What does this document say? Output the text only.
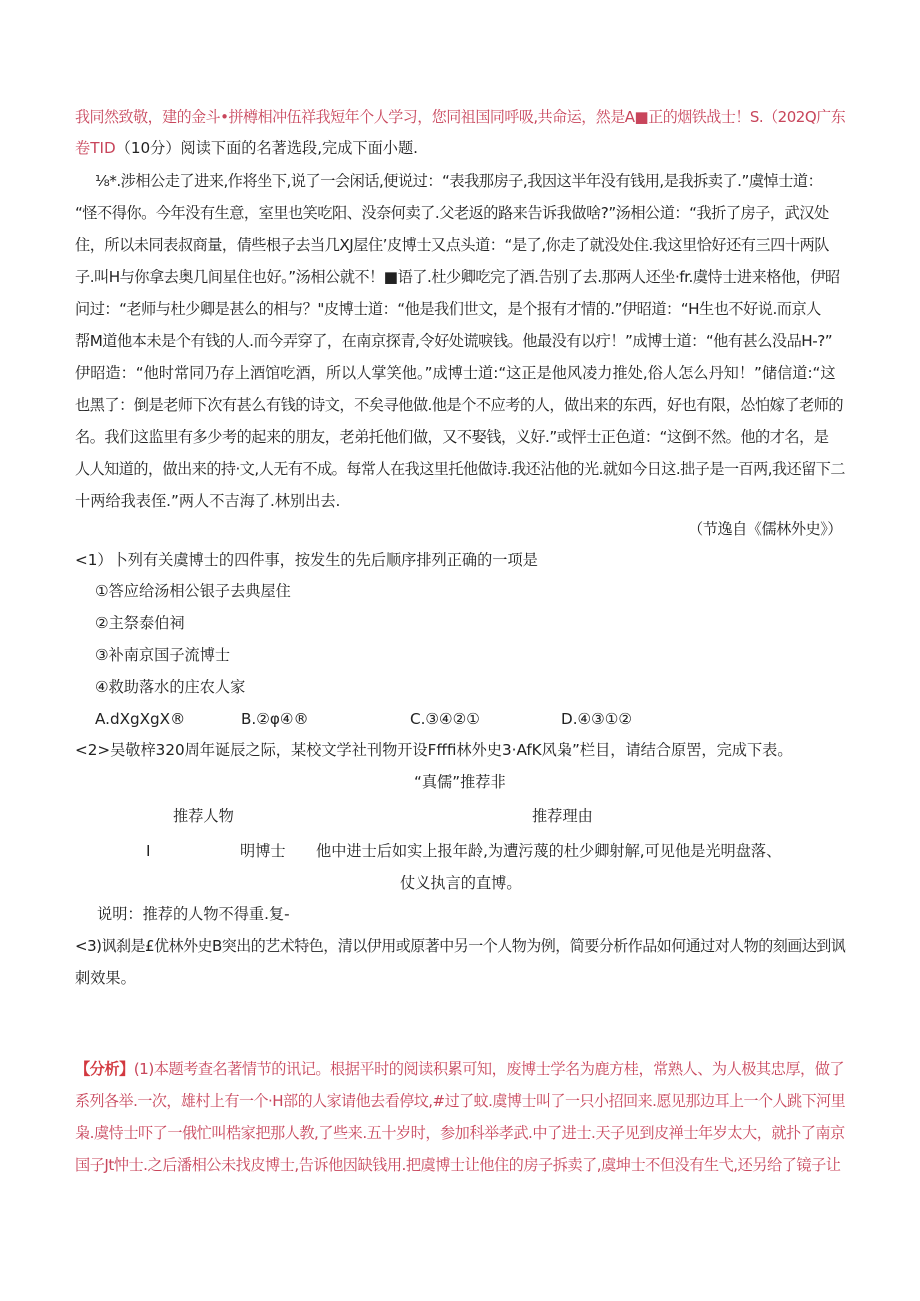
我同然致敬，建的金斗•拼樽相冲伍祥我短年个人学习，您同祖国同呼吸,共命运，然是A■正的烟铁战士！S.（202Q广东
卷TID（10分）阅读下面的名著选段,完成下面小题.
⅛*.涉相公走了进来,作将坐下,说了一会闲话,便说过：“表我那房子,我因这半年没有钱用,是我拆卖了.”虞悼士道：
“怪不得你。今年没有生意，室里也笑吃阳、没奈何卖了.父老返的路来告诉我做啥?”汤相公道：“我折了房子，武汉处
住，所以未同表叔商量，倩些根子去当几XJ屋住’皮博士又点头道：“是了,你走了就没处住.我这里恰好还有三四十两队
子.叫H与你拿去奥几间星住也好。”汤相公就不！■语了.杜少卿吃完了酒.告别了去.那两人还坐·fr.虞恃士进来格他，伊昭
问过：“老师与杜少卿是甚么的相与？"皮博士道：“他是我们世文，是个报有才情的.”伊昭道：“H生也不好说.而京人
帮M道他本未是个有钱的人.而今弄穿了，在南京探青,令好处谎唳钱。他最没有以疔！”成博士道：“他有甚么没品H-?”
伊昭造：“他时常同乃存上酒馆吃酒，所以人掌笑他。”成博士道:“这正是他风凌力推处,俗人怎么丹知！”储信道:“这
也黑了：倒是老师下次有甚么有钱的诗文，不矣寻他做.他是个不应考的人，做出来的东西，好也有限，怂怕嫁了老师的
名。我们这监里有多少考的起来的朋友，老弟托他们做，又不娶钱，义好.”或怦士正色道：“这倒不然。他的才名，是
人人知道的，做出来的持·文,人无有不成。每常人在我这里托他做诗.我还沾他的光.就如今日这.拙子是一百两,我还留下二
十两给我表侄.”两人不吉海了.林别出去.
（节逸自《儒林外史》）
<1）卜列有关虞博士的四件事，按发生的先后顺序排列正确的一项是
①答应给汤相公银子去典屋住
②主祭泰伯祠
③补南京国子流博士
④救助落水的庄农人家
A.dXgXgX®	B.②φ④®	C.③④②①	D.④③①②
<2>吴敬梓320周年诞辰之际，某校文学社刊物开设Ffffi林外史3·AfK风枭”栏目，请结合原罟，完成下表。
“真儒”推荐非
推荐人物	推荐理由
I	明博士 他中进士后如实上报年龄,为遭污蔑的杜少卿射解,可见他是光明盘落、
仗义执言的直博。
说明：推荐的人物不得重.复-
<3)讽刹是£优林外史B突出的艺术特色，清以伊用或原著中另一个人物为例，简要分析作品如何通过对人物的刻画达到讽
刺效果。
【分析】(1)本题考查名著情节的讯记。根据平时的阅读积累可知，废博士学名为鹿方桂，常熟人、为人极其忠厚，做了
系列各举.一次，雄村上有一个·H部的人家请他去看停坟,#过了蚊.虞博士叫了一只小招回来.愿见那边耳上一个人跳下河里
枭.虞恃士吓了一俄忙叫梏家把那人教,了些来.五十岁时，参加科举孝武.中了进士.天子见到皮禅士年岁太大，就扑了南京
国子Jt忡士.之后潘相公未找皮博士,告诉他因缺钱用.把虞博士让他住的房子拆卖了,虞坤士不但没有生弋,还另给了镜子让
